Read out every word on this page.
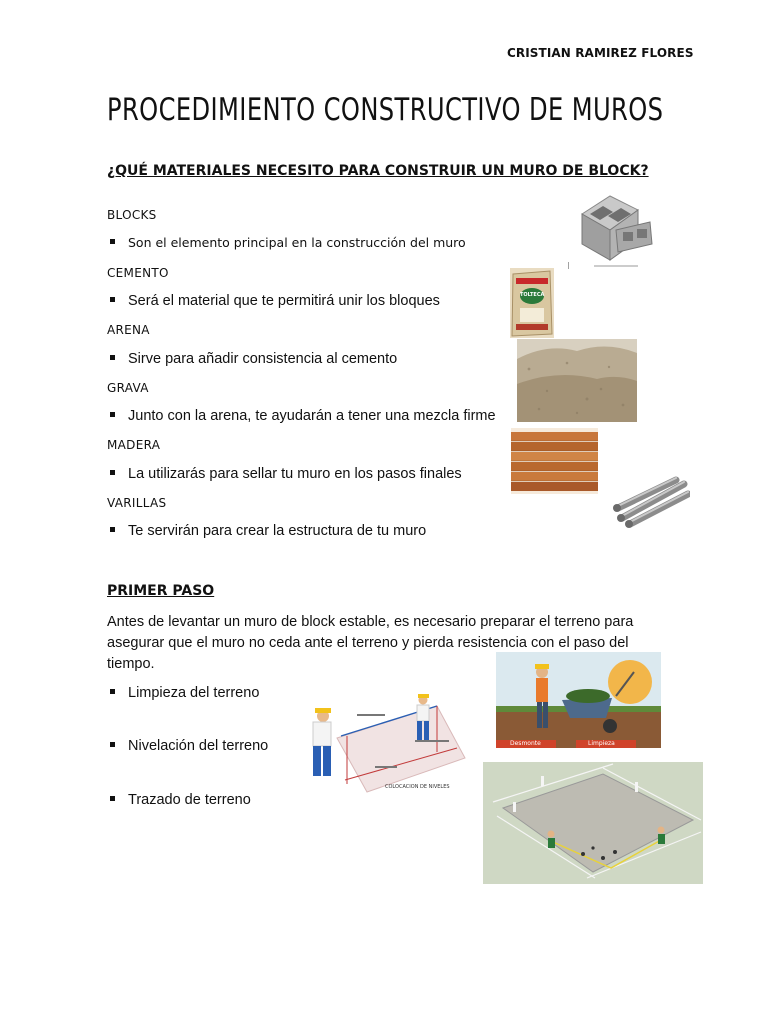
CRISTIAN RAMIREZ FLORES
PROCEDIMIENTO CONSTRUCTIVO DE MUROS
¿QUÉ MATERIALES NECESITO PARA CONSTRUIR UN MURO DE BLOCK?
BLOCKS
Son el elemento principal en la construcción del muro
CEMENTO
Será el material que te permitirá unir los bloques
ARENA
Sirve para añadir consistencia al cemento
GRAVA
Junto con la arena, te ayudarán a tener una mezcla firme
MADERA
La utilizarás para sellar tu muro en los pasos finales
VARILLAS
Te servirán para crear la estructura de tu muro
PRIMER PASO
Antes de levantar un muro de block estable, es necesario preparar el terreno para asegurar que el muro no ceda ante el terreno y pierda resistencia con el paso del tiempo.
Limpieza del terreno
Nivelación del terreno
Trazado de terreno
TOLTECA
COLOCACION DE NIVELES
Desmonte	Limpieza
